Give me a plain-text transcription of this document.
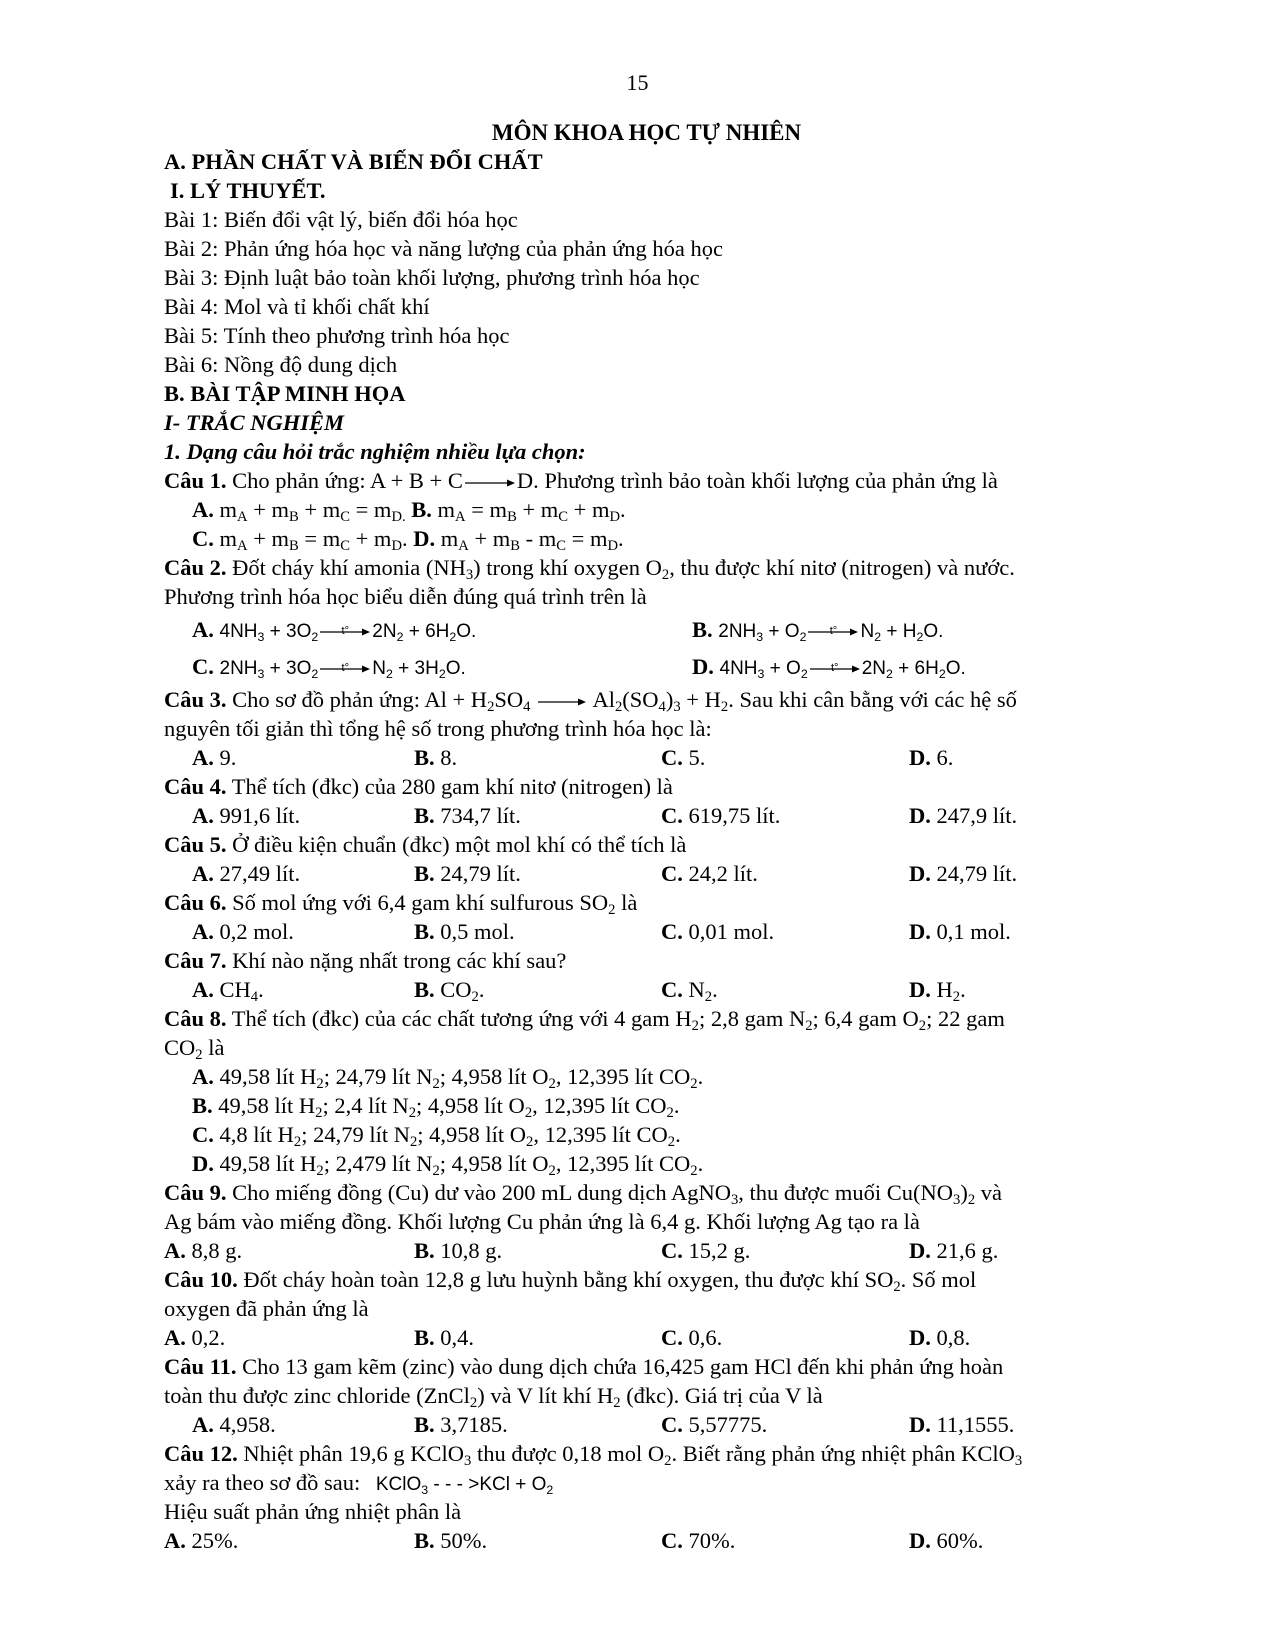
15
MÔN KHOA HỌC TỰ NHIÊN
A. PHẦN CHẤT VÀ BIẾN ĐỔI CHẤT
I. LÝ THUYẾT.
Bài 1: Biến đổi vật lý, biến đổi hóa học
Bài 2: Phản ứng hóa học và năng lượng của phản ứng hóa học
Bài 3: Định luật bảo toàn khối lượng, phương trình hóa học
Bài 4: Mol và tỉ khối chất khí
Bài 5: Tính theo phương trình hóa học
Bài 6: Nồng độ dung dịch
B. BÀI TẬP MINH HỌA
I- TRẮC NGHIỆM
1. Dạng câu hỏi trắc nghiệm nhiều lựa chọn:
Câu 1. Cho phản ứng: A + B + C → D. Phương trình bảo toàn khối lượng của phản ứng là
A. $m_A + m_B + m_C = m_{D.}$ B. $m_A = m_B + m_C + m_D$.
C. $m_A + m_B = m_C + m_D$. D. $m_A + m_B - m_C = m_D$.
Câu 2. Đốt cháy khí amonia $(NH_3)$ trong khí oxygen $O_2$, thu được khí nitơ (nitrogen) và nước.
Phương trình hóa học biểu diễn đúng quá trình trên là
A. $4NH_3 + 3O_2$	t°	$2N_2 + 6H_2O$.	B. $2NH_3 + O_2$	t°	$N_2 + H_2O$.
C. $2NH_3 + 3O_2$	t°	$N_2 + 3H_2O$.	D. $4NH_3 + O_2$	t°	$2N_2 + 6H_2O$.
Câu 3. Cho sơ đồ phản ứng: $Al + H_2SO_4$	$Al_2(SO_4)_3 + H_2$. Sau khi cân bằng với các hệ số
nguyên tối giản thì tổng hệ số trong phương trình hóa học là:
A. 9.	B. 8.	C. 5.	D. 6.
Câu 4. Thể tích (đkc) của 280 gam khí nitơ (nitrogen) là
A. 991,6 lít.	B. 734,7 lít.	C. 619,75 lít.	D. 247,9 lít.
Câu 5. Ở điều kiện chuẩn (đkc) một mol khí có thể tích là
A. 27,49 lít.	B. 24,79 lít.	C. 24,2 lít.	D. 24,79 lít.
Câu 6. Số mol ứng với 6,4 gam khí sulfurous $SO_2$ là
A. 0,2 mol.	B. 0,5 mol.	C. 0,01 mol.	D. 0,1 mol.
Câu 7. Khí nào nặng nhất trong các khí sau?
A. $CH_4$.	B. $CO_2$.	C. $N_2$.	D. $H_2$.
Câu 8. Thể tích (đkc) của các chất tương ứng với 4 gam $H_2$; 2,8 gam $N_2$; 6,4 gam $O_2$; 22 gam
$CO_2$ là
A. 49,58 lít $H_2$; 24,79 lít $N_2$; 4,958 lít $O_2$, 12,395 lít $CO_2$.
B. 49,58 lít $H_2$; 2,4 lít $N_2$; 4,958 lít $O_2$, 12,395 lít $CO_2$.
C. 4,8 lít $H_2$; 24,79 lít $N_2$; 4,958 lít $O_2$, 12,395 lít $CO_2$.
D. 49,58 lít $H_2$; 2,479 lít $N_2$; 4,958 lít $O_2$, 12,395 lít $CO_2$.
Câu 9. Cho miếng đồng (Cu) dư vào 200 mL dung dịch AgNO$_3$, thu được muối $Cu(NO_3)_2$ và
Ag bám vào miếng đồng. Khối lượng Cu phản ứng là 6,4 g. Khối lượng Ag tạo ra là
A. 8,8 g.	B. 10,8 g.	C. 15,2 g.	D. 21,6 g.
Câu 10. Đốt cháy hoàn toàn 12,8 g lưu huỳnh bằng khí oxygen, thu được khí $SO_2$. Số mol
oxygen đã phản ứng là
A. 0,2.	B. 0,4.	C. 0,6.	D. 0,8.
Câu 11. Cho 13 gam kẽm (zinc) vào dung dịch chứa 16,425 gam HCl đến khi phản ứng hoàn
toàn thu được zinc chloride (ZnCl$_2$) và V lít khí $H_2$ (đkc). Giá trị của V là
A. 4,958.	B. 3,7185.	C. 5,57775.	D. 11,1555.
Câu 12. Nhiệt phân 19,6 g KClO$_3$ thu được 0,18 mol $O_2$. Biết rằng phản ứng nhiệt phân KClO$_3$
xảy ra theo sơ đồ sau: KClO$_3$ - - - $>KCl + O_2$
Hiệu suất phản ứng nhiệt phân là
A. 25%.	B. 50%.	C. 70%.	D. 60%.
